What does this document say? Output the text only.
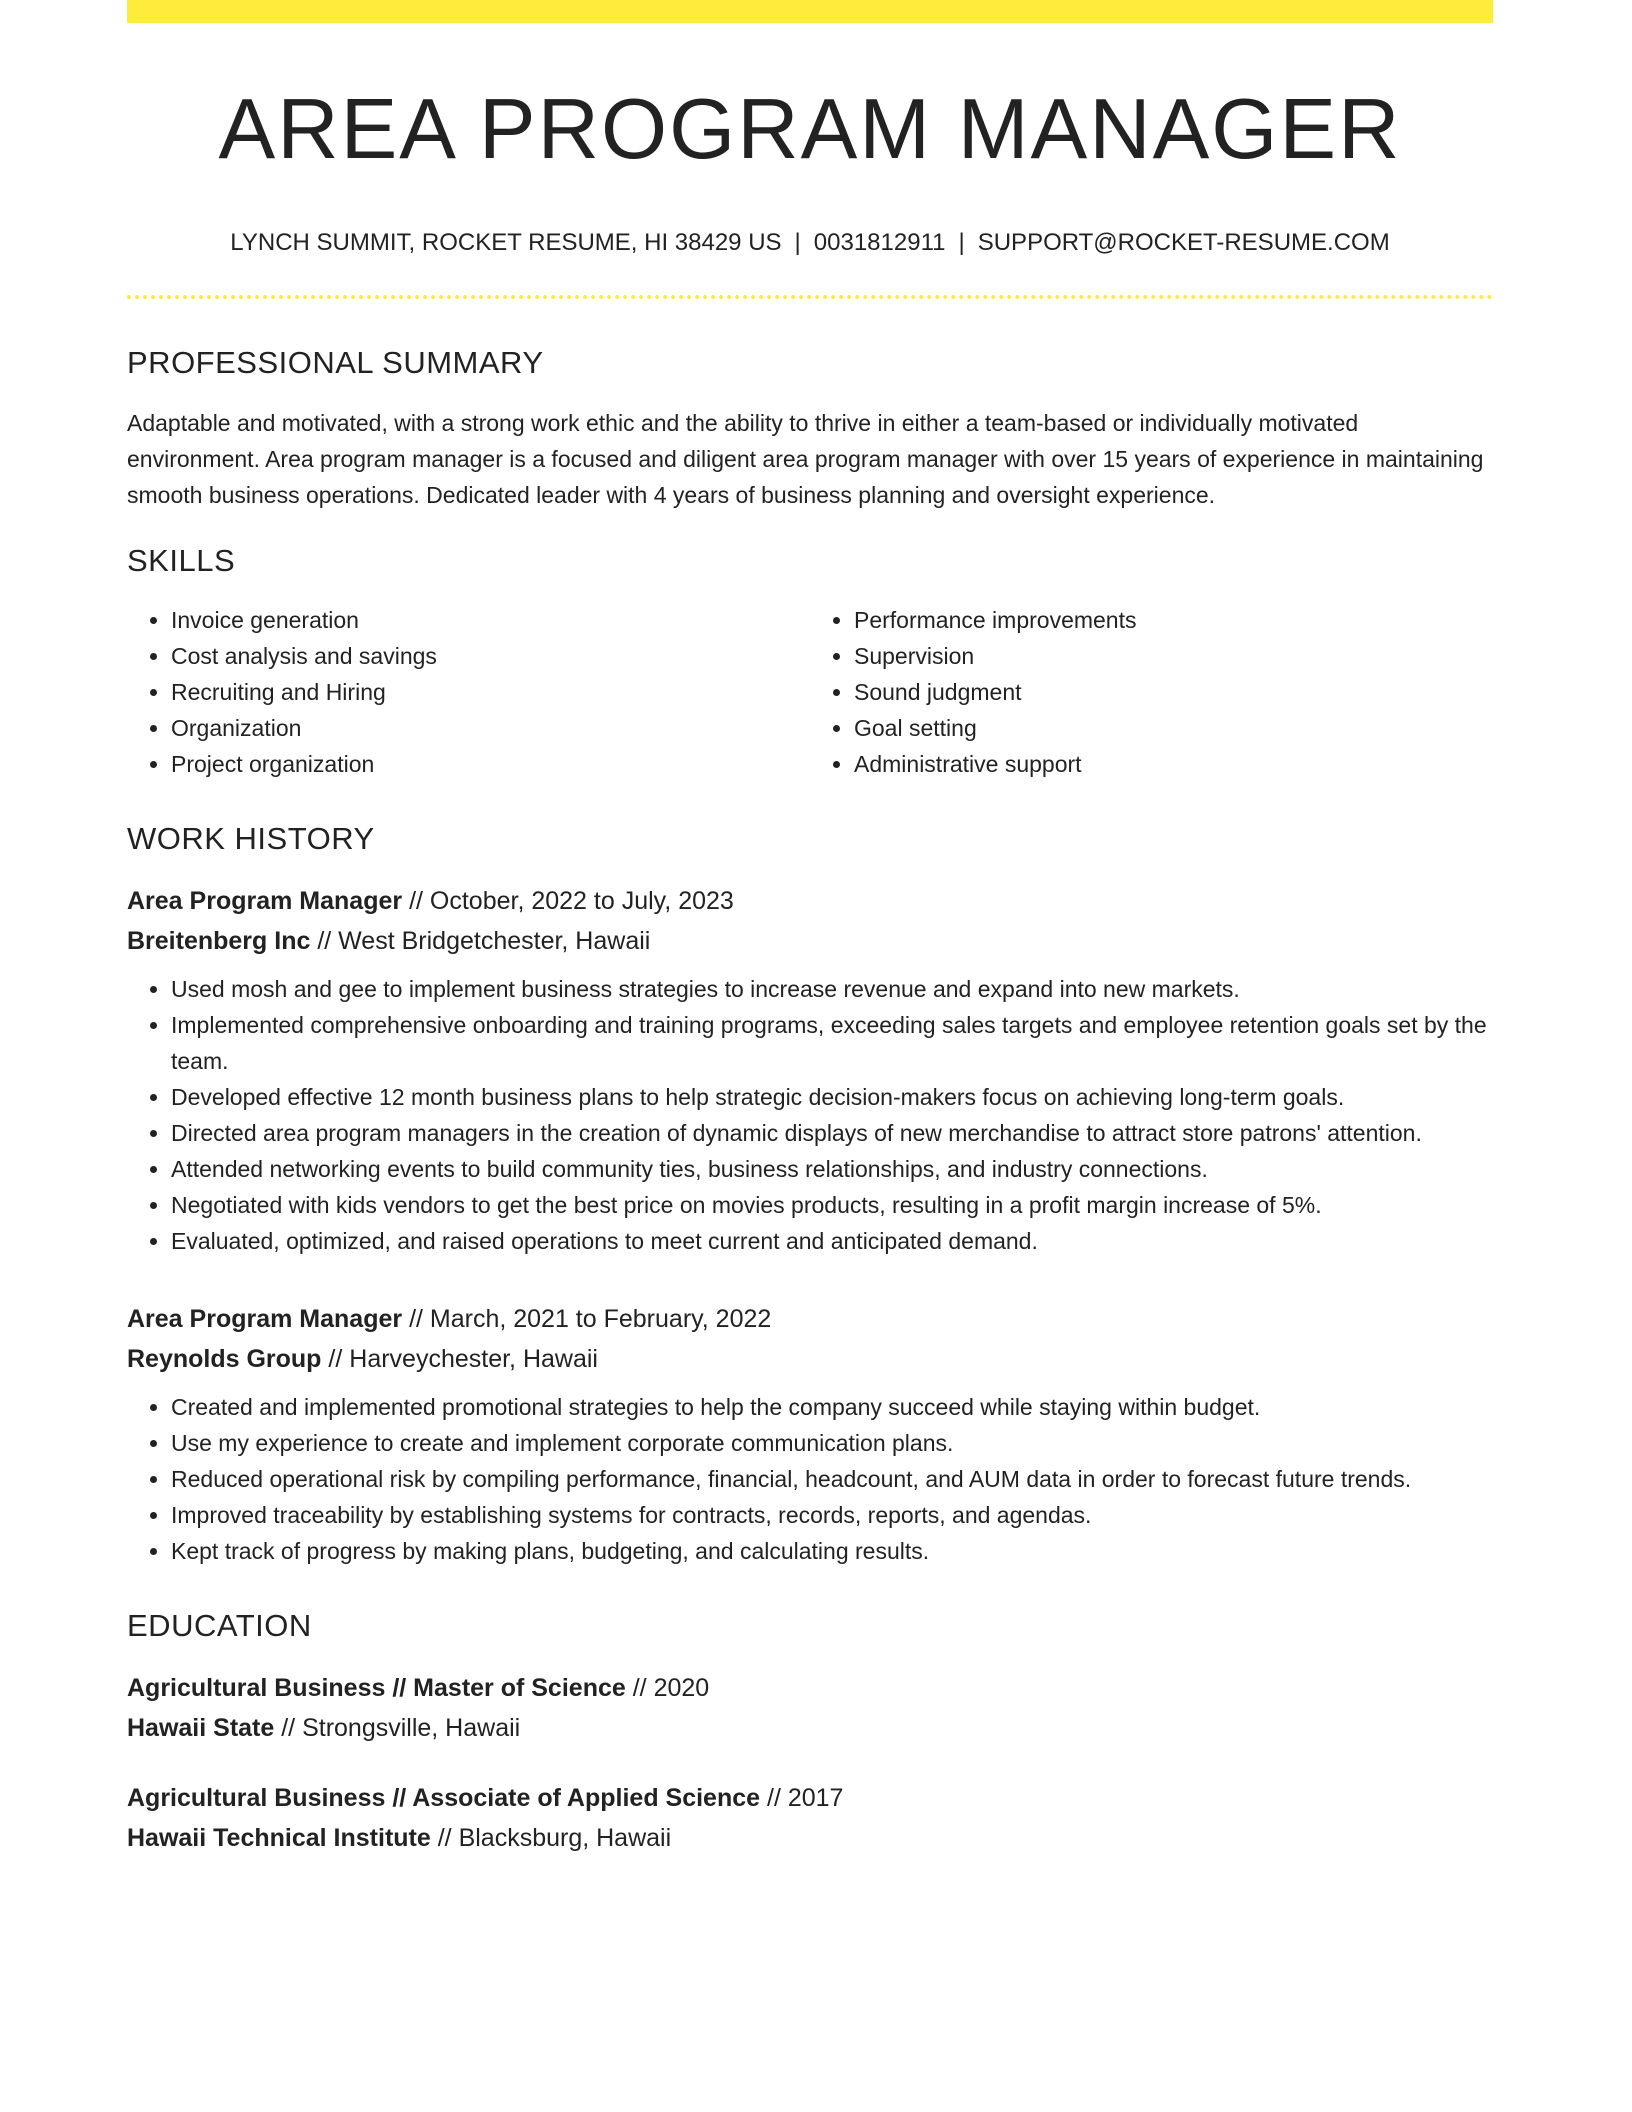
AREA PROGRAM MANAGER
LYNCH SUMMIT, ROCKET RESUME, HI 38429 US | 0031812911 | SUPPORT@ROCKET-RESUME.COM
PROFESSIONAL SUMMARY

Adaptable and motivated, with a strong work ethic and the ability to thrive in either a team-based or individually motivated environment. Area program manager is a focused and diligent area program manager with over 15 years of experience in maintaining smooth business operations. Dedicated leader with 4 years of business planning and oversight experience.

SKILLS
• Invoice generation
• Cost analysis and savings
• Recruiting and Hiring
• Organization
• Project organization
• Performance improvements
• Supervision
• Sound judgment
• Goal setting
• Administrative support
WORK HISTORY
Area Program Manager // October, 2022 to July, 2023
Breitenberg Inc // West Bridgetchester, Hawaii
• Used mosh and gee to implement business strategies to increase revenue and expand into new markets.
• Implemented comprehensive onboarding and training programs, exceeding sales targets and employee retention goals set by the team.
• Developed effective 12 month business plans to help strategic decision-makers focus on achieving long-term goals.
• Directed area program managers in the creation of dynamic displays of new merchandise to attract store patrons' attention.
• Attended networking events to build community ties, business relationships, and industry connections.
• Negotiated with kids vendors to get the best price on movies products, resulting in a profit margin increase of 5%.
• Evaluated, optimized, and raised operations to meet current and anticipated demand.
Area Program Manager // March, 2021 to February, 2022
Reynolds Group // Harveychester, Hawaii
• Created and implemented promotional strategies to help the company succeed while staying within budget.
• Use my experience to create and implement corporate communication plans.
• Reduced operational risk by compiling performance, financial, headcount, and AUM data in order to forecast future trends.
• Improved traceability by establishing systems for contracts, records, reports, and agendas.
• Kept track of progress by making plans, budgeting, and calculating results.
EDUCATION
Agricultural Business // Master of Science // 2020
Hawaii State // Strongsville, Hawaii
Agricultural Business // Associate of Applied Science // 2017
Hawaii Technical Institute // Blacksburg, Hawaii
